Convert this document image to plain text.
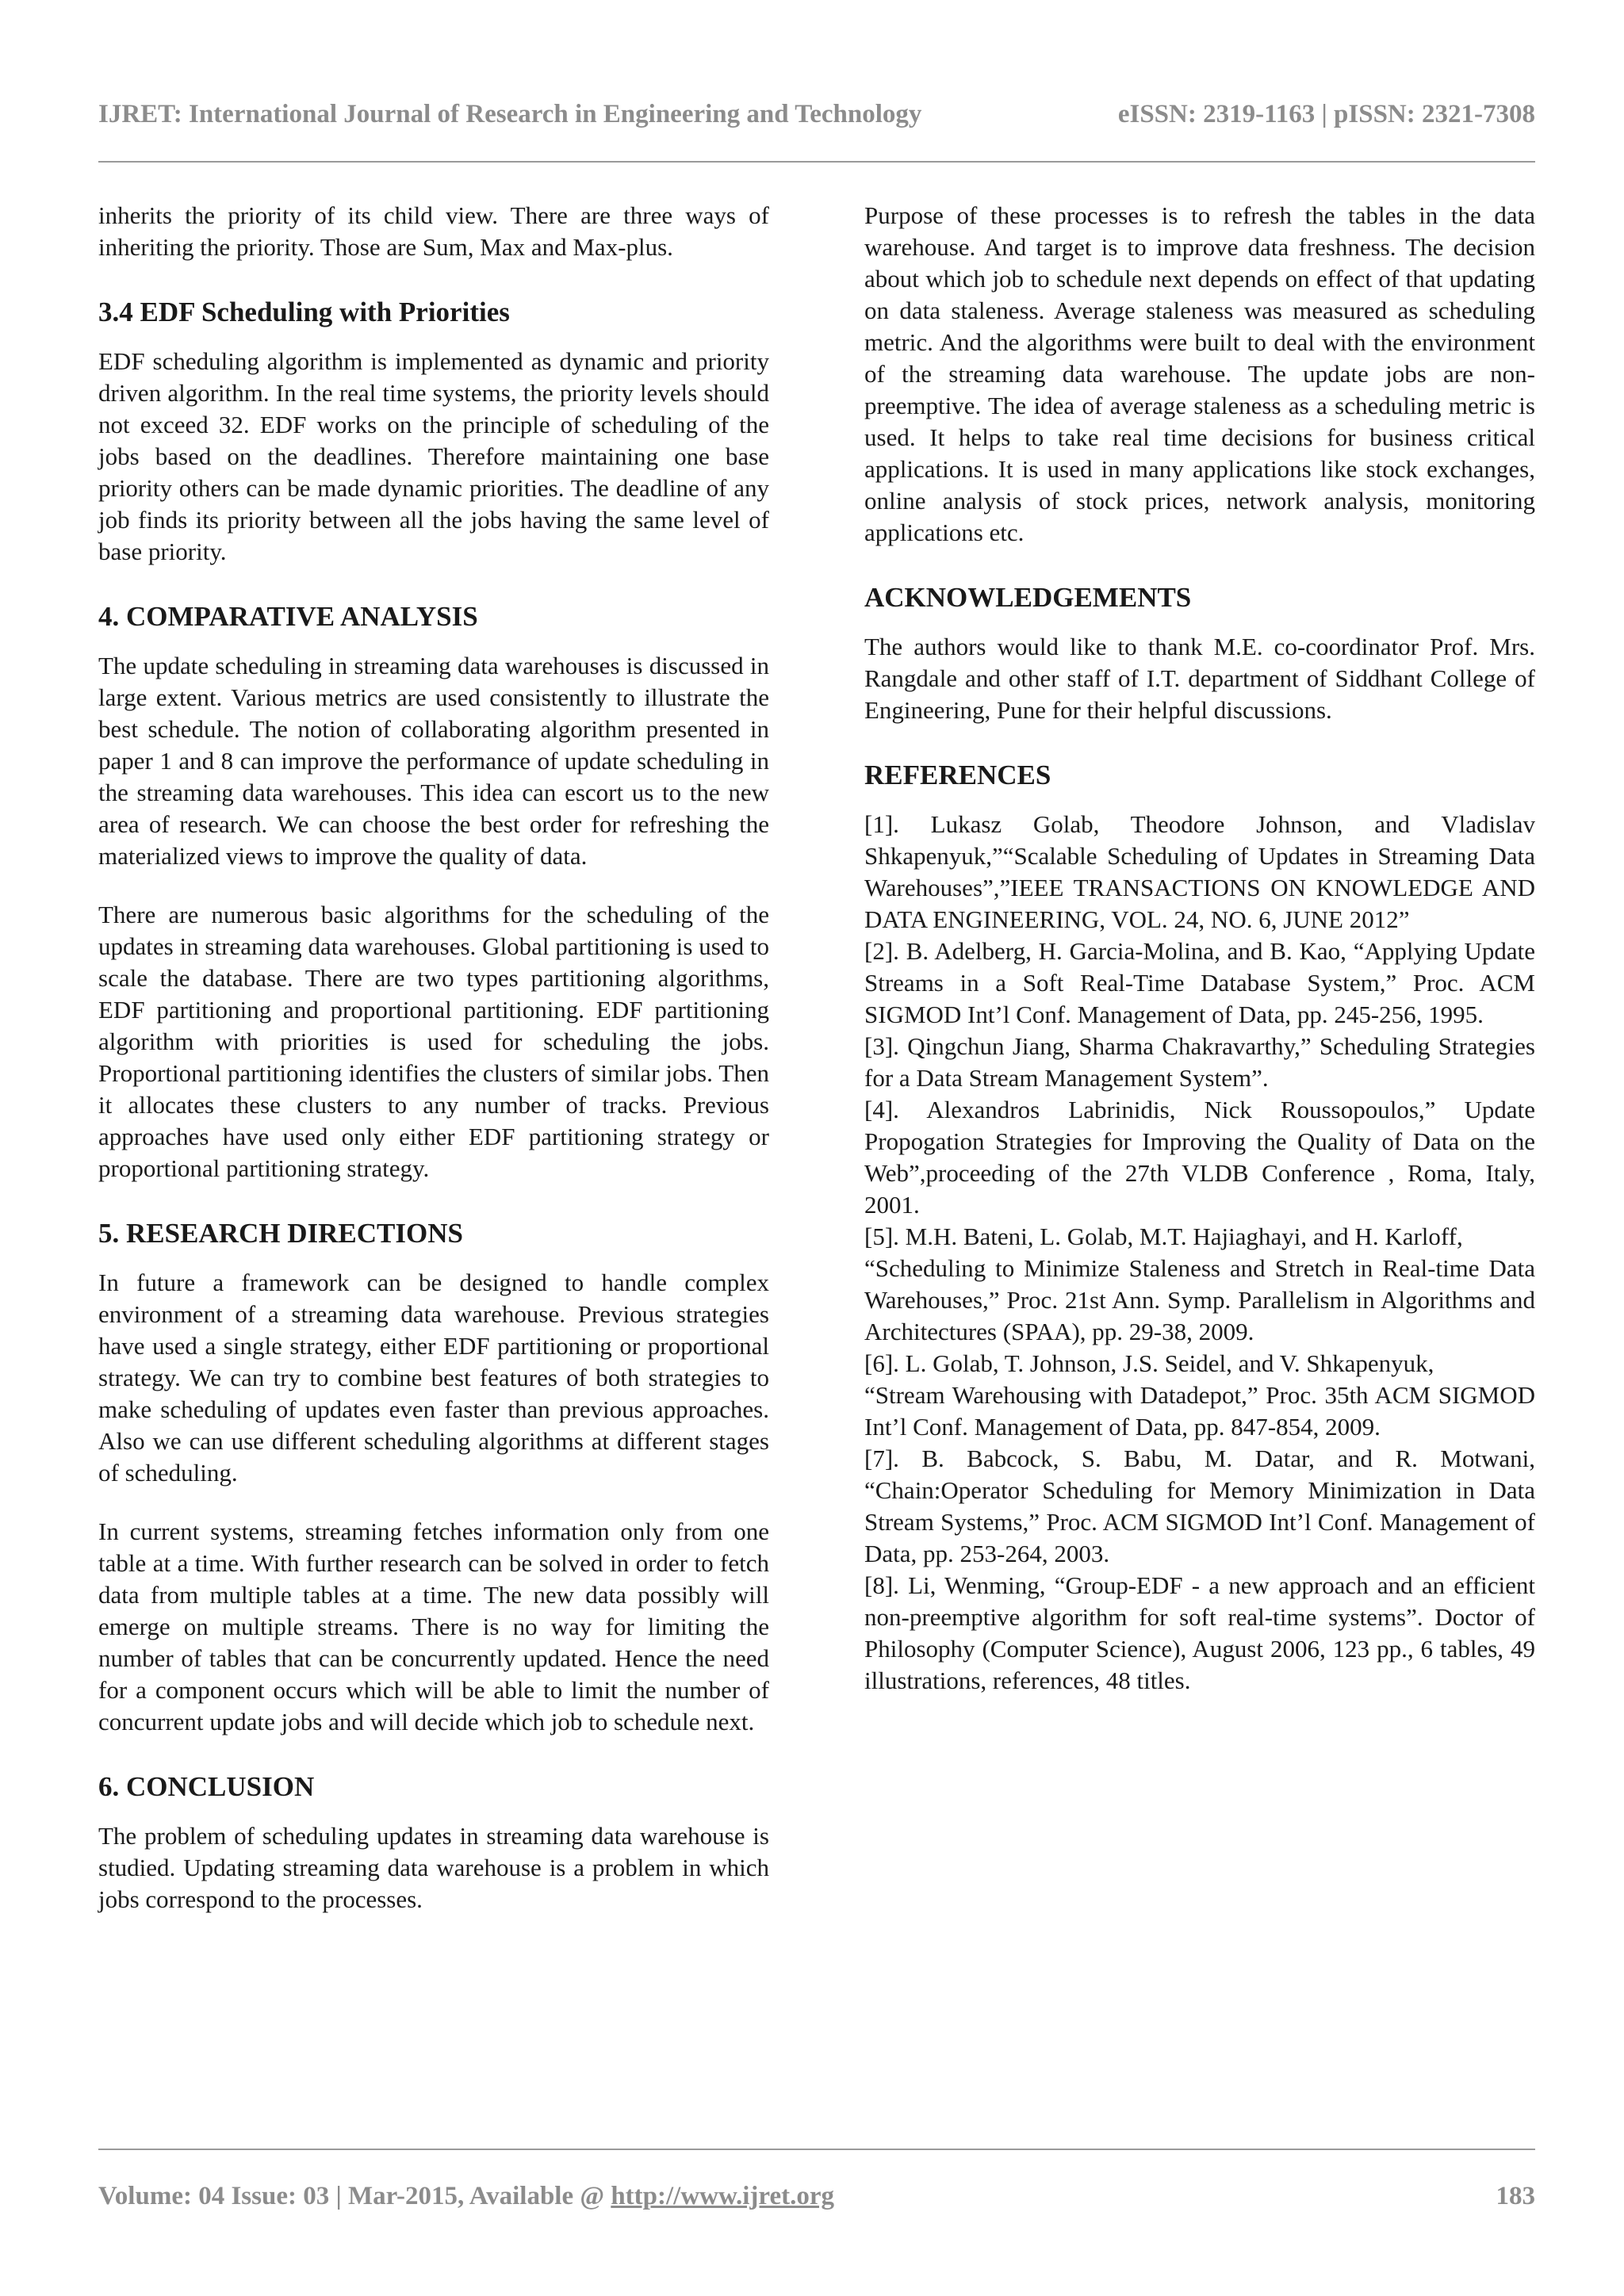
IJRET: International Journal of Research in Engineering and Technology	eISSN: 2319-1163 | pISSN: 2321-7308

inherits the priority of its child view. There are three ways of inheriting the priority. Those are Sum, Max and Max-plus.

3.4 EDF Scheduling with Priorities

EDF scheduling algorithm is implemented as dynamic and priority driven algorithm. In the real time systems, the priority levels should not exceed 32. EDF works on the principle of scheduling of the jobs based on the deadlines. Therefore maintaining one base priority others can be made dynamic priorities. The deadline of any job finds its priority between all the jobs having the same level of base priority.

4. COMPARATIVE ANALYSIS

The update scheduling in streaming data warehouses is discussed in large extent. Various metrics are used consistently to illustrate the best schedule. The notion of collaborating algorithm presented in paper 1 and 8 can improve the performance of update scheduling in the streaming data warehouses. This idea can escort us to the new area of research. We can choose the best order for refreshing the materialized views to improve the quality of data.

There are numerous basic algorithms for the scheduling of the updates in streaming data warehouses. Global partitioning is used to scale the database. There are two types partitioning algorithms, EDF partitioning and proportional partitioning. EDF partitioning algorithm with priorities is used for scheduling the jobs. Proportional partitioning identifies the clusters of similar jobs. Then it allocates these clusters to any number of tracks. Previous approaches have used only either EDF partitioning strategy or proportional partitioning strategy.

5. RESEARCH DIRECTIONS

In future a framework can be designed to handle complex environment of a streaming data warehouse. Previous strategies have used a single strategy, either EDF partitioning or proportional strategy. We can try to combine best features of both strategies to make scheduling of updates even faster than previous approaches. Also we can use different scheduling algorithms at different stages of scheduling.

In current systems, streaming fetches information only from one table at a time. With further research can be solved in order to fetch data from multiple tables at a time. The new data possibly will emerge on multiple streams. There is no way for limiting the number of tables that can be concurrently updated. Hence the need for a component occurs which will be able to limit the number of concurrent update jobs and will decide which job to schedule next.

6. CONCLUSION

The problem of scheduling updates in streaming data warehouse is studied. Updating streaming data warehouse is a problem in which jobs correspond to the processes.

Purpose of these processes is to refresh the tables in the data warehouse. And target is to improve data freshness. The decision about which job to schedule next depends on effect of that updating on data staleness. Average staleness was measured as scheduling metric. And the algorithms were built to deal with the environment of the streaming data warehouse. The update jobs are non-preemptive. The idea of average staleness as a scheduling metric is used. It helps to take real time decisions for business critical applications. It is used in many applications like stock exchanges, online analysis of stock prices, network analysis, monitoring applications etc.

ACKNOWLEDGEMENTS

The authors would like to thank M.E. co-coordinator Prof. Mrs. Rangdale and other staff of I.T. department of Siddhant College of Engineering, Pune for their helpful discussions.

REFERENCES

[1]. Lukasz Golab, Theodore Johnson, and Vladislav Shkapenyuk,”“Scalable Scheduling of Updates in Streaming Data Warehouses”,”IEEE TRANSACTIONS ON KNOWLEDGE AND DATA ENGINEERING, VOL. 24, NO. 6, JUNE 2012”

[2]. B. Adelberg, H. Garcia-Molina, and B. Kao, “Applying Update Streams in a Soft Real-Time Database System,” Proc. ACM SIGMOD Int’l Conf. Management of Data, pp. 245-256, 1995.

[3]. Qingchun Jiang, Sharma Chakravarthy,” Scheduling Strategies for a Data Stream Management System”.

[4]. Alexandros Labrinidis, Nick Roussopoulos,” Update Propogation Strategies for Improving the Quality of Data on the Web”,proceeding of the 27th VLDB Conference , Roma, Italy, 2001.

[5]. M.H. Bateni, L. Golab, M.T. Hajiaghayi, and H. Karloff,

“Scheduling to Minimize Staleness and Stretch in Real-time Data Warehouses,” Proc. 21st Ann. Symp. Parallelism in Algorithms and Architectures (SPAA), pp. 29-38, 2009.

[6]. L. Golab, T. Johnson, J.S. Seidel, and V. Shkapenyuk,

“Stream Warehousing with Datadepot,” Proc. 35th ACM SIGMOD Int’l Conf. Management of Data, pp. 847-854, 2009.

[7]. B. Babcock, S. Babu, M. Datar, and R. Motwani, “Chain:Operator Scheduling for Memory Minimization in Data Stream Systems,” Proc. ACM SIGMOD Int’l Conf. Management of Data, pp. 253-264, 2003.

[8]. Li, Wenming, “Group-EDF - a new approach and an efficient non-preemptive algorithm for soft real-time systems”. Doctor of Philosophy (Computer Science), August 2006, 123 pp., 6 tables, 49 illustrations, references, 48 titles.

Volume: 04 Issue: 03 | Mar-2015, Available @ http://www.ijret.org	183
